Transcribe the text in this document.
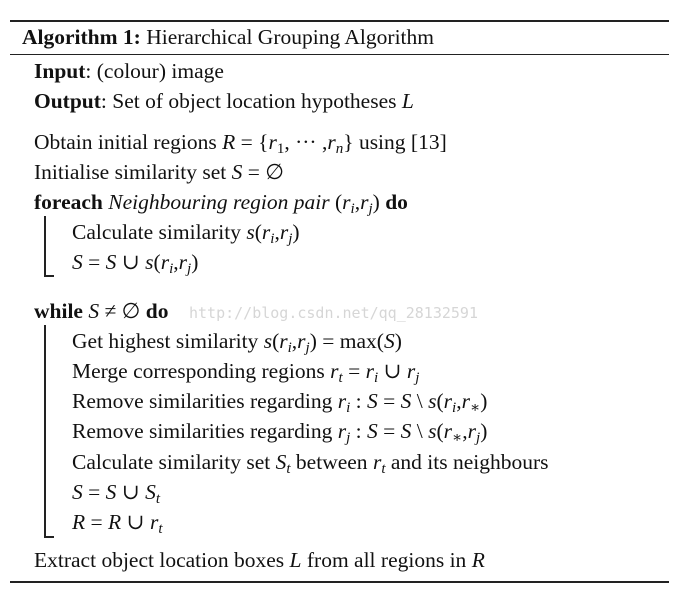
Algorithm 1: Hierarchical Grouping Algorithm
Input: (colour) image
Output: Set of object location hypotheses L
Obtain initial regions $R = \{r_1$, ··· $,r_n$} using [13]
Initialise similarity set S = ∅
foreach Neighbouring region pair $(r_i,r_j)$ do
Calculate similarity $s(r_i,r_j)$
S = S ∪ $s(r_i,r_j)$
while S ≠ ∅ do http://blog.csdn.net/qq_28132591
Get highest similarity $s(r_i,r_j) = \max(S)$
Merge corresponding regions $r_t = r_i$ ∪ $r_j$
Remove similarities regarding $r_i$ : S = S \ $s(r_i,r_∗)$
Remove similarities regarding $r_j$ : S = S \ $s(r_∗,r_j)$
Calculate similarity set $S_t$ between $r_t$ and its neighbours
S = S ∪ $S_t$
R = R ∪ $r_t$
Extract object location boxes L from all regions in R
